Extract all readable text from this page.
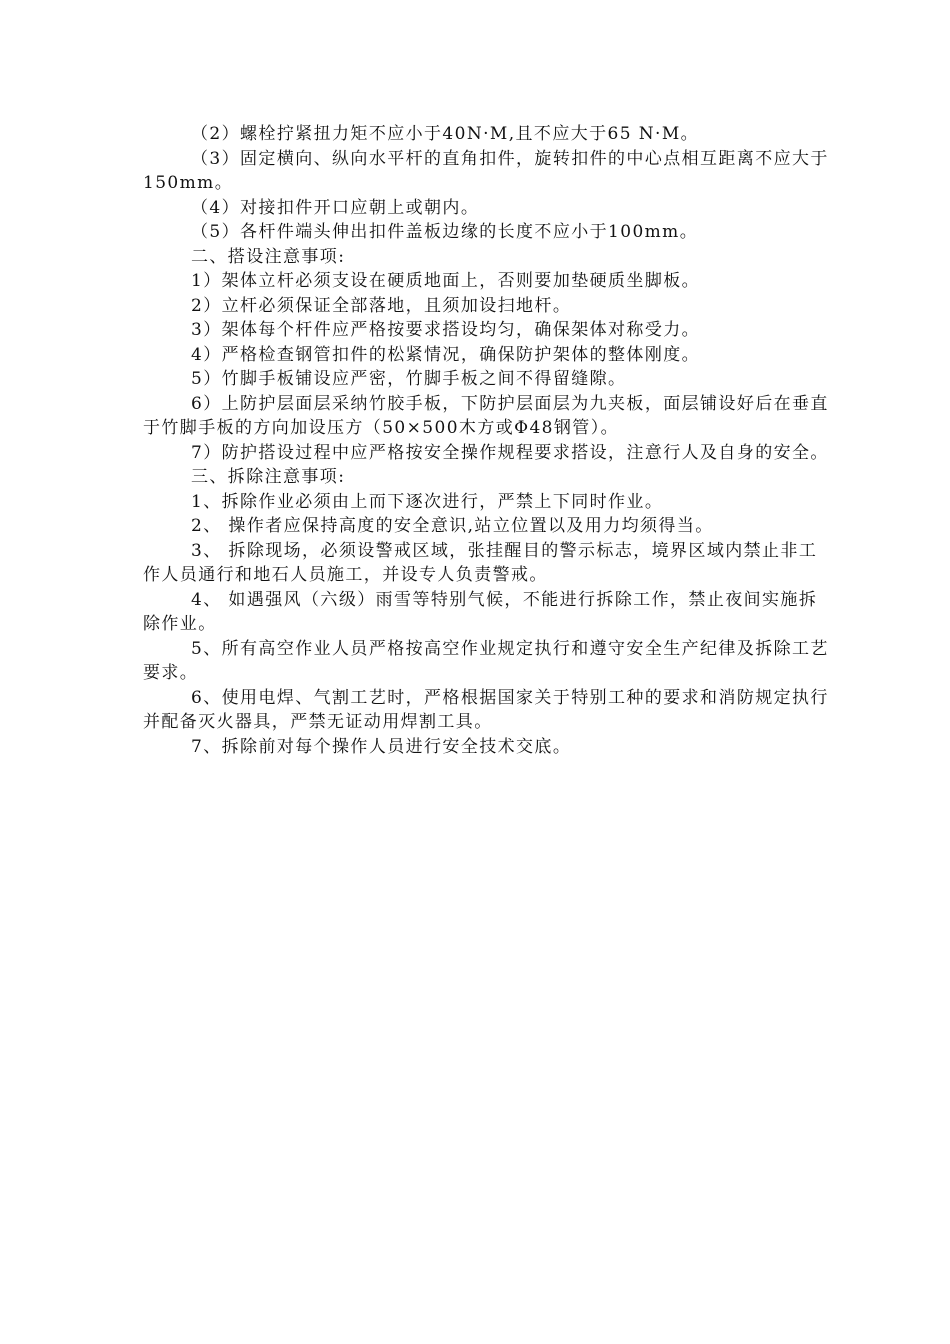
（2）螺栓拧紧扭力矩不应小于40N·M,且不应大于65 N·M。

（3）固定横向、纵向水平杆的直角扣件，旋转扣件的中心点相互距离不应大于150mm。

（4）对接扣件开口应朝上或朝内。

（5）各杆件端头伸出扣件盖板边缘的长度不应小于100mm。

二、搭设注意事项:

1）架体立杆必须支设在硬质地面上，否则要加垫硬质坐脚板。

2）立杆必须保证全部落地，且须加设扫地杆。

3）架体每个杆件应严格按要求搭设均匀，确保架体对称受力。

4）严格检查钢管扣件的松紧情况，确保防护架体的整体刚度。

5）竹脚手板铺设应严密，竹脚手板之间不得留缝隙。

6）上防护层面层采纳竹胶手板，下防护层面层为九夹板，面层铺设好后在垂直于竹脚手板的方向加设压方（50×500木方或Φ48钢管）。

7）防护搭设过程中应严格按安全操作规程要求搭设，注意行人及自身的安全。

三、拆除注意事项:

1、拆除作业必须由上而下逐次进行，严禁上下同时作业。

2、 操作者应保持高度的安全意识,站立位置以及用力均须得当。

3、 拆除现场，必须设警戒区域，张挂醒目的警示标志，境界区域内禁止非工作人员通行和地石人员施工，并设专人负责警戒。

4、 如遇强风（六级）雨雪等特别气候，不能进行拆除工作，禁止夜间实施拆除作业。

5、所有高空作业人员严格按高空作业规定执行和遵守安全生产纪律及拆除工艺要求。

6、使用电焊、气割工艺时，严格根据国家关于特别工种的要求和消防规定执行并配备灭火器具，严禁无证动用焊割工具。

7、拆除前对每个操作人员进行安全技术交底。
